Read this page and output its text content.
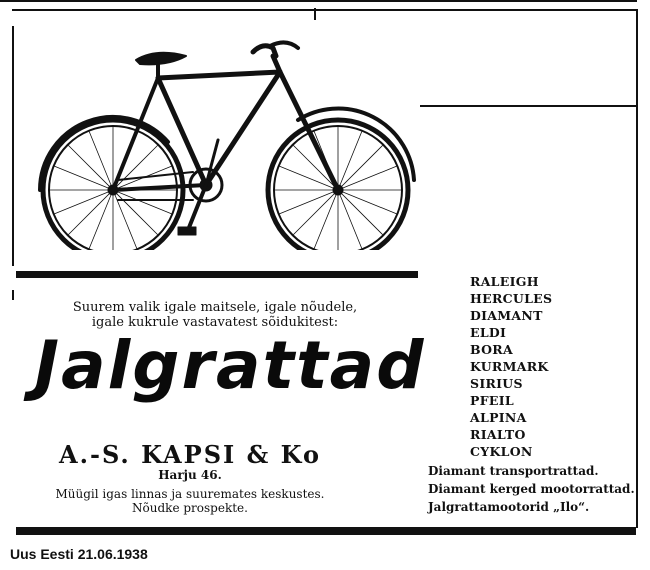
Suurem valik igale maitsele, igale nõudele,
igale kukrule vastavatest sõidukitest:
Jalgrattad
A.-S. KAPSI & Ko
Harju 46.
Müügil igas linnas ja suuremates keskustes.
Nõudke prospekte.
RALEIGH
HERCULES
DIAMANT
ELDI
BORA
KURMARK
SIRIUS
PFEIL
ALPINA
RIALTO
CYKLON
Diamant transportrattad.
Diamant kerged mootorrattad.
Jalgrattamootorid „Ilo“.
Uus Eesti 21.06.1938
